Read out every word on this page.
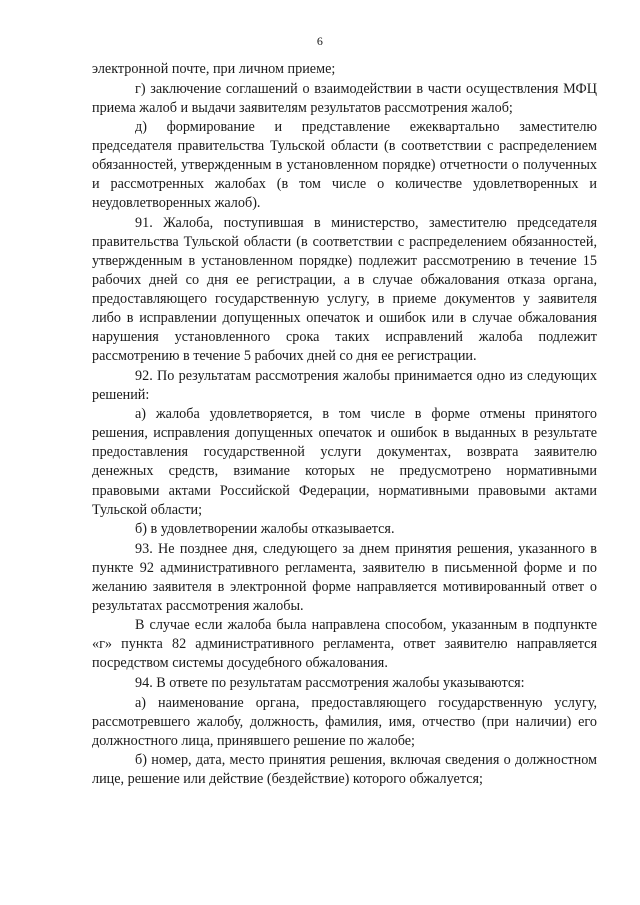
6

электронной почте, при личном приеме;

г) заключение соглашений о взаимодействии в части осуществления МФЦ приема жалоб и выдачи заявителям результатов рассмотрения жалоб;

д) формирование и представление ежеквартально заместителю председателя правительства Тульской области (в соответствии с распределением обязанностей, утвержденным в установленном порядке) отчетности о полученных и рассмотренных жалобах (в том числе о количестве удовлетворенных и неудовлетворенных жалоб).

91. Жалоба, поступившая в министерство, заместителю председателя правительства Тульской области (в соответствии с распределением обязанностей, утвержденным в установленном порядке) подлежит рассмотрению в течение 15 рабочих дней со дня ее регистрации, а в случае обжалования отказа органа, предоставляющего государственную услугу, в приеме документов у заявителя либо в исправлении допущенных опечаток и ошибок или в случае обжалования нарушения установленного срока таких исправлений жалоба подлежит рассмотрению в течение 5 рабочих дней со дня ее регистрации.

92. По результатам рассмотрения жалобы принимается одно из следующих решений:

а) жалоба удовлетворяется, в том числе в форме отмены принятого решения, исправления допущенных опечаток и ошибок в выданных в результате предоставления государственной услуги документах, возврата заявителю денежных средств, взимание которых не предусмотрено нормативными правовыми актами Российской Федерации, нормативными правовыми актами Тульской области;

б) в удовлетворении жалобы отказывается.

93. Не позднее дня, следующего за днем принятия решения, указанного в пункте 92 административного регламента, заявителю в письменной форме и по желанию заявителя в электронной форме направляется мотивированный ответ о результатах рассмотрения жалобы.

В случае если жалоба была направлена способом, указанным в подпункте «г» пункта 82 административного регламента, ответ заявителю направляется посредством системы досудебного обжалования.

94. В ответе по результатам рассмотрения жалобы указываются:

а) наименование органа, предоставляющего государственную услугу, рассмотревшего жалобу, должность, фамилия, имя, отчество (при наличии) его должностного лица, принявшего решение по жалобе;

б) номер, дата, место принятия решения, включая сведения о должностном лице, решение или действие (бездействие) которого обжалуется;
